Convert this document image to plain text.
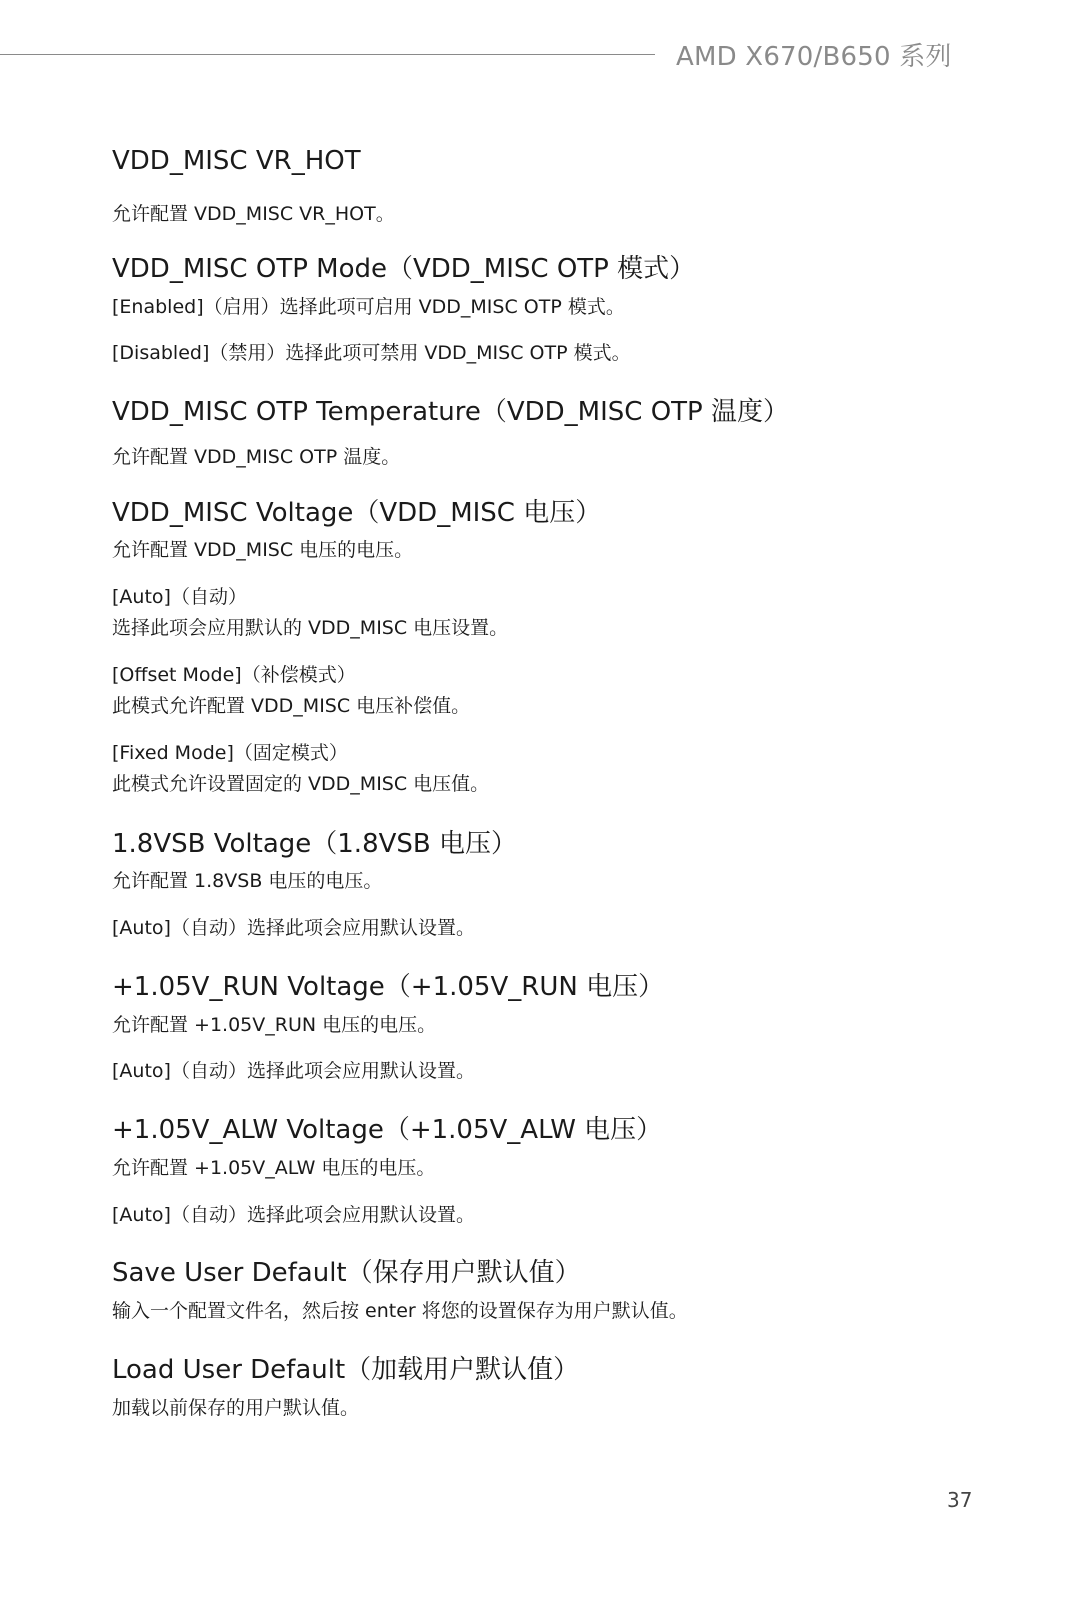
AMD X670/B650 系列
VDD_MISC VR_HOT
允许配置 VDD_MISC VR_HOT。
VDD_MISC OTP Mode（VDD_MISC OTP 模式）
[Enabled]（启用）选择此项可启用 VDD_MISC OTP 模式。
[Disabled]（禁用）选择此项可禁用 VDD_MISC OTP 模式。
VDD_MISC OTP Temperature（VDD_MISC OTP 温度）
允许配置 VDD_MISC OTP 温度。
VDD_MISC Voltage（VDD_MISC 电压）
允许配置 VDD_MISC 电压的电压。
[Auto]（自动）
选择此项会应用默认的 VDD_MISC 电压设置。
[Offset Mode]（补偿模式）
此模式允许配置 VDD_MISC 电压补偿值。
[Fixed Mode]（固定模式）
此模式允许设置固定的 VDD_MISC 电压值。
1.8VSB Voltage（1.8VSB 电压）
允许配置 1.8VSB 电压的电压。
[Auto]（自动）选择此项会应用默认设置。
+1.05V_RUN Voltage（+1.05V_RUN 电压）
允许配置 +1.05V_RUN 电压的电压。
[Auto]（自动）选择此项会应用默认设置。
+1.05V_ALW Voltage（+1.05V_ALW 电压）
允许配置 +1.05V_ALW 电压的电压。
[Auto]（自动）选择此项会应用默认设置。
Save User Default（保存用户默认值）
输入一个配置文件名，然后按 enter 将您的设置保存为用户默认值。
Load User Default（加载用户默认值）
加载以前保存的用户默认值。
37
